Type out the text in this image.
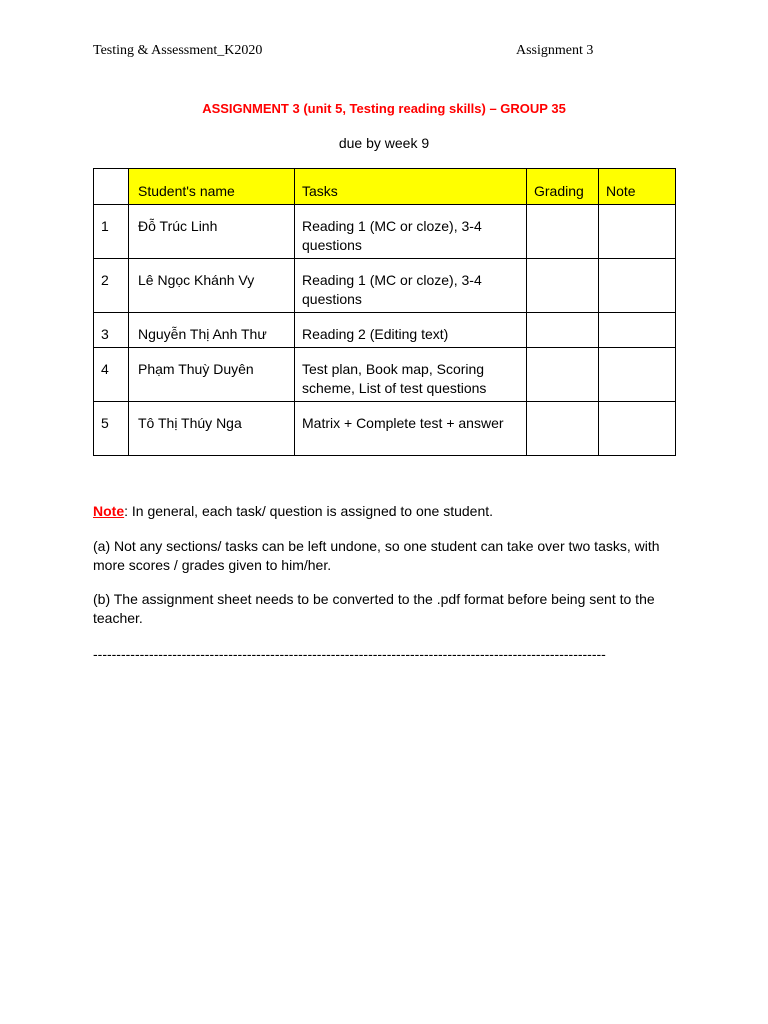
Testing & Assessment_K2020	Assignment 3
ASSIGNMENT 3 (unit 5, Testing reading skills) – GROUP 35
due by week 9
	Student's name	Tasks	Grading	Note
1	Đỗ Trúc Linh	Reading 1 (MC or cloze), 3-4 questions		
2	Lê Ngọc Khánh Vy	Reading 1 (MC or cloze), 3-4 questions		
3	Nguyễn Thị Anh Thư	Reading 2 (Editing text)		
4	Phạm Thuỳ Duyên	Test plan, Book map, Scoring scheme, List of test questions		
5	Tô Thị Thúy Nga	Matrix + Complete test + answer		
Note: In general, each task/ question is assigned to one student.
(a) Not any sections/ tasks can be left undone, so one student can take over two tasks, with more scores / grades given to him/her.
(b) The assignment sheet needs to be converted to the .pdf format before being sent to the teacher.
--------------------------------------------------------------------------------------------------------------
